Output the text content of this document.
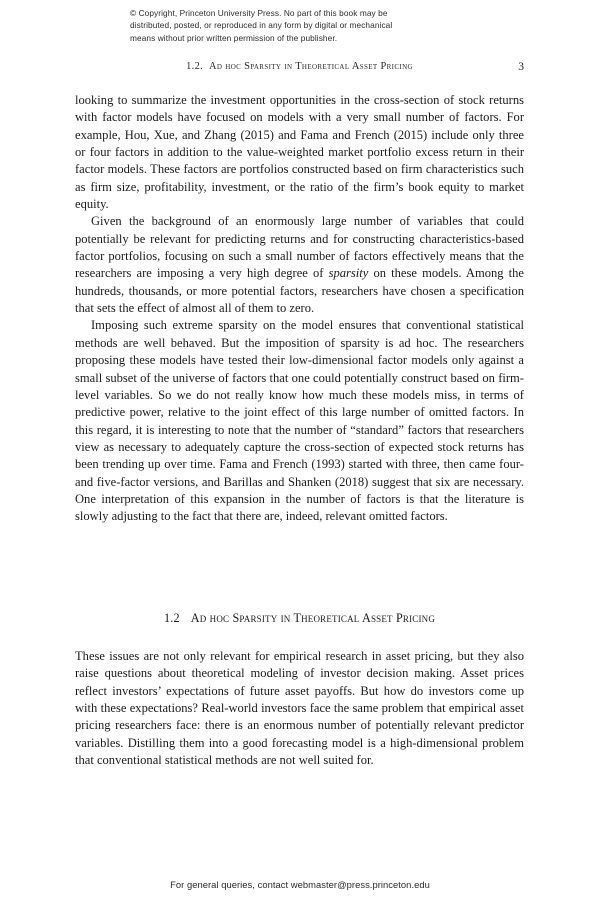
© Copyright, Princeton University Press. No part of this book may be
distributed, posted, or reproduced in any form by digital or mechanical
means without prior written permission of the publisher.
1.2. Ad hoc Sparsity in Theoretical Asset Pricing	3

looking to summarize the investment opportunities in the cross-section of stock returns with factor models have focused on models with a very small number of factors. For example, Hou, Xue, and Zhang (2015) and Fama and French (2015) include only three or four factors in addition to the value-weighted market portfolio excess return in their factor models. These factors are portfolios constructed based on firm characteristics such as firm size, profitability, investment, or the ratio of the firm’s book equity to market equity.

Given the background of an enormously large number of variables that could potentially be relevant for predicting returns and for constructing characteristics-based factor portfolios, focusing on such a small number of factors effectively means that the researchers are imposing a very high degree of sparsity on these models. Among the hundreds, thousands, or more potential factors, researchers have chosen a specification that sets the effect of almost all of them to zero.

Imposing such extreme sparsity on the model ensures that conventional statistical methods are well behaved. But the imposition of sparsity is ad hoc. The researchers proposing these models have tested their low-dimensional factor models only against a small subset of the universe of factors that one could potentially construct based on firm-level variables. So we do not really know how much these models miss, in terms of predictive power, relative to the joint effect of this large number of omitted factors. In this regard, it is interesting to note that the number of “standard” factors that researchers view as necessary to adequately capture the cross-section of expected stock returns has been trending up over time. Fama and French (1993) started with three, then came four- and five-factor versions, and Barillas and Shanken (2018) suggest that six are necessary. One interpretation of this expansion in the number of factors is that the literature is slowly adjusting to the fact that there are, indeed, relevant omitted factors.

1.2 Ad hoc Sparsity in Theoretical Asset Pricing

These issues are not only relevant for empirical research in asset pricing, but they also raise questions about theoretical modeling of investor decision making. Asset prices reflect investors’ expectations of future asset payoffs. But how do investors come up with these expectations? Real-world investors face the same problem that empirical asset pricing researchers face: there is an enormous number of potentially relevant predictor variables. Distilling them into a good forecasting model is a high-dimensional problem that conventional statistical methods are not well suited for.

For general queries, contact webmaster@press.princeton.edu
